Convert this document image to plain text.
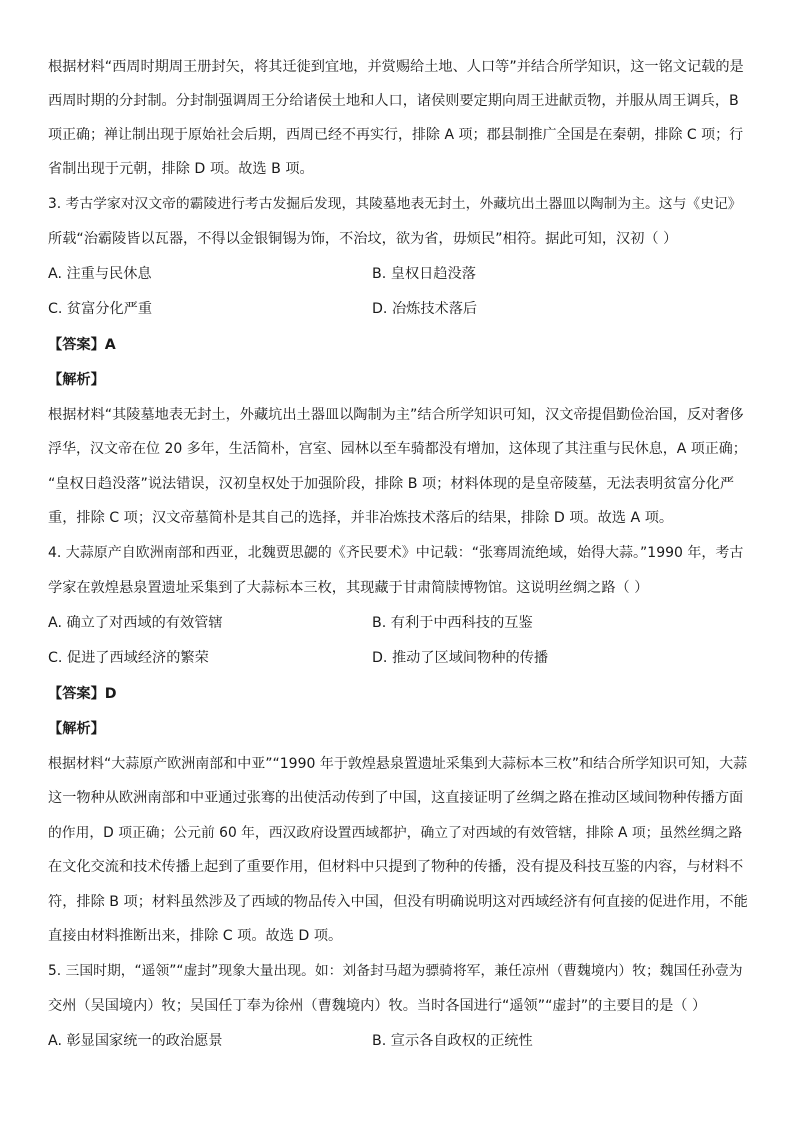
根据材料“西周时期周王册封矢，将其迁徙到宜地，并赏赐给土地、人口等”并结合所学知识，这一铭文记载的是
西周时期的分封制。分封制强调周王分给诸侯土地和人口，诸侯则要定期向周王进献贡物，并服从周王调兵，B
项正确；禅让制出现于原始社会后期，西周已经不再实行，排除 A 项；郡县制推广全国是在秦朝，排除 C 项；行
省制出现于元朝，排除 D 项。故选 B 项。
3. 考古学家对汉文帝的霸陵进行考古发掘后发现，其陵墓地表无封土，外藏坑出土器皿以陶制为主。这与《史记》
所载“治霸陵皆以瓦器，不得以金银铜锡为饰，不治坟，欲为省，毋烦民”相符。据此可知，汉初（ ）
A. 注重与民休息	B. 皇权日趋没落
C. 贫富分化严重	D. 冶炼技术落后
【答案】A
【解析】
根据材料“其陵墓地表无封土，外藏坑出土器皿以陶制为主”结合所学知识可知，汉文帝提倡勤俭治国，反对奢侈
浮华，汉文帝在位 20 多年，生活简朴，宫室、园林以至车骑都没有增加，这体现了其注重与民休息，A 项正确；
“皇权日趋没落”说法错误，汉初皇权处于加强阶段，排除 B 项；材料体现的是皇帝陵墓，无法表明贫富分化严
重，排除 C 项；汉文帝墓简朴是其自己的选择，并非冶炼技术落后的结果，排除 D 项。故选 A 项。
4. 大蒜原产自欧洲南部和西亚，北魏贾思勰的《齐民要术》中记载：“张骞周流绝域，始得大蒜。”1990 年，考古
学家在敦煌悬泉置遗址采集到了大蒜标本三枚，其现藏于甘肃简牍博物馆。这说明丝绸之路（ ）
A. 确立了对西域的有效管辖	B. 有利于中西科技的互鉴
C. 促进了西域经济的繁荣	D. 推动了区域间物种的传播
【答案】D
【解析】
根据材料“大蒜原产欧洲南部和中亚”“1990 年于敦煌悬泉置遗址采集到大蒜标本三枚”和结合所学知识可知，大蒜
这一物种从欧洲南部和中亚通过张骞的出使活动传到了中国，这直接证明了丝绸之路在推动区域间物种传播方面
的作用，D 项正确；公元前 60 年，西汉政府设置西域都护，确立了对西域的有效管辖，排除 A 项；虽然丝绸之路
在文化交流和技术传播上起到了重要作用，但材料中只提到了物种的传播，没有提及科技互鉴的内容，与材料不
符，排除 B 项；材料虽然涉及了西域的物品传入中国，但没有明确说明这对西域经济有何直接的促进作用，不能
直接由材料推断出来，排除 C 项。故选 D 项。
5. 三国时期，“遥领”“虚封”现象大量出现。如：刘备封马超为骠骑将军，兼任凉州（曹魏境内）牧；魏国任孙壹为
交州（吴国境内）牧；吴国任丁奉为徐州（曹魏境内）牧。当时各国进行“遥领”“虚封”的主要目的是（ ）
A. 彰显国家统一的政治愿景	B. 宣示各自政权的正统性
